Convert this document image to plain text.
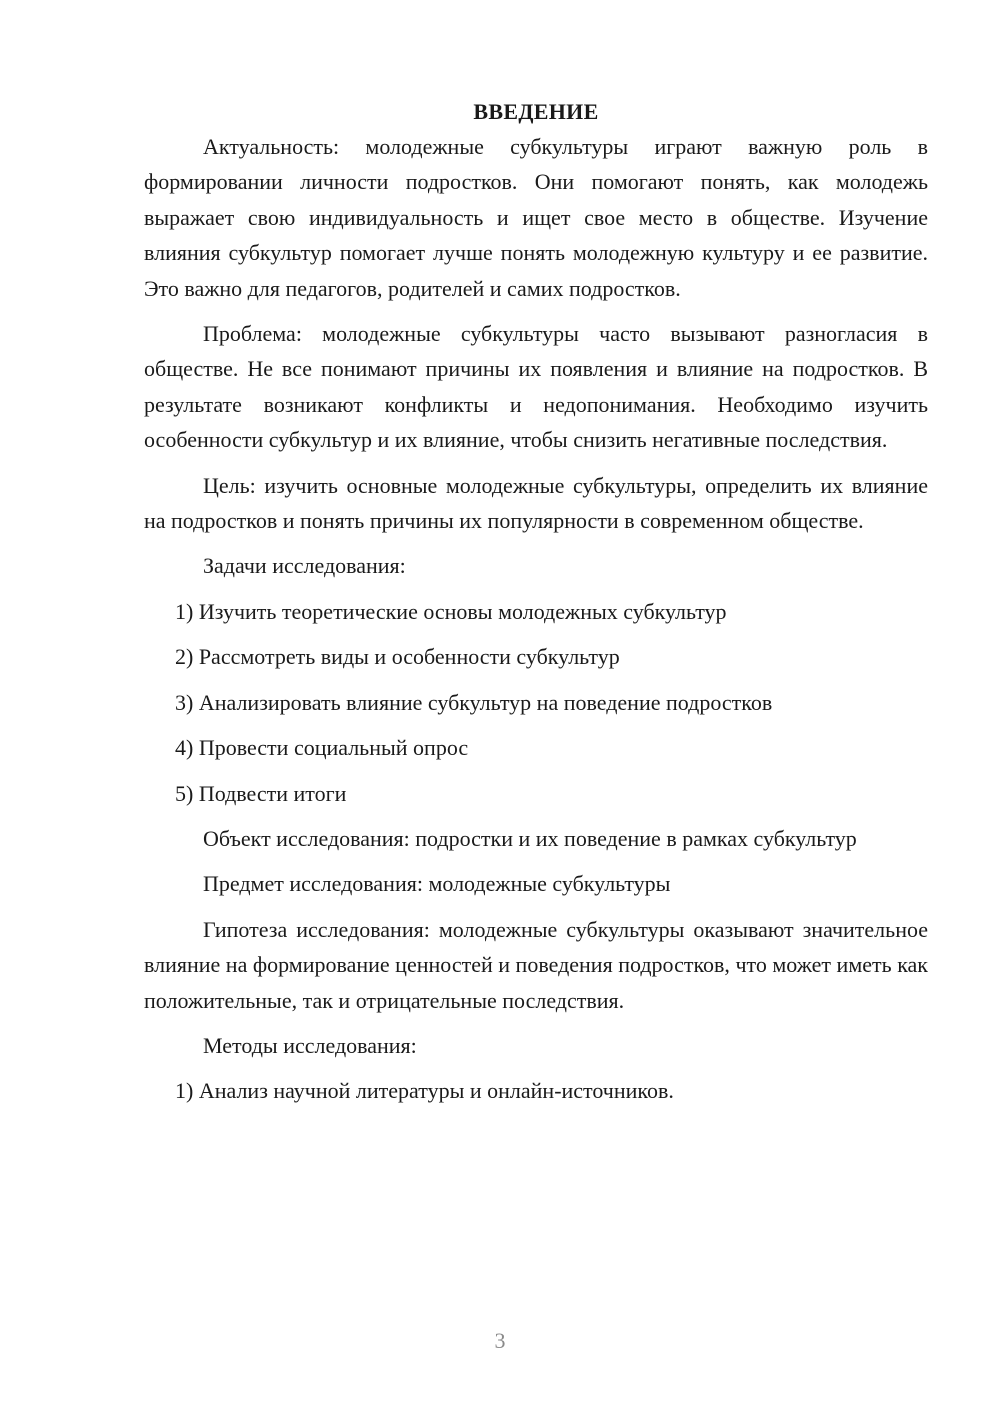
ВВЕДЕНИЕ

Актуальность: молодежные субкультуры играют важную роль в формировании личности подростков. Они помогают понять, как молодежь выражает свою индивидуальность и ищет свое место в обществе. Изучение влияния субкультур помогает лучше понять молодежную культуру и ее развитие. Это важно для педагогов, родителей и самих подростков.

Проблема: молодежные субкультуры часто вызывают разногласия в обществе. Не все понимают причины их появления и влияние на подростков. В результате возникают конфликты и недопонимания. Необходимо изучить особенности субкультур и их влияние, чтобы снизить негативные последствия.

Цель: изучить основные молодежные субкультуры, определить их влияние на подростков и понять причины их популярности в современном обществе.

Задачи исследования:

1) Изучить теоретические основы молодежных субкультур
2) Рассмотреть виды и особенности субкультур
3) Анализировать влияние субкультур на поведение подростков
4) Провести социальный опрос
5) Подвести итоги

Объект исследования: подростки и их поведение в рамках субкультур

Предмет исследования: молодежные субкультуры

Гипотеза исследования: молодежные субкультуры оказывают значительное влияние на формирование ценностей и поведения подростков, что может иметь как положительные, так и отрицательные последствия.

Методы исследования:

1) Анализ научной литературы и онлайн-источников.
3
